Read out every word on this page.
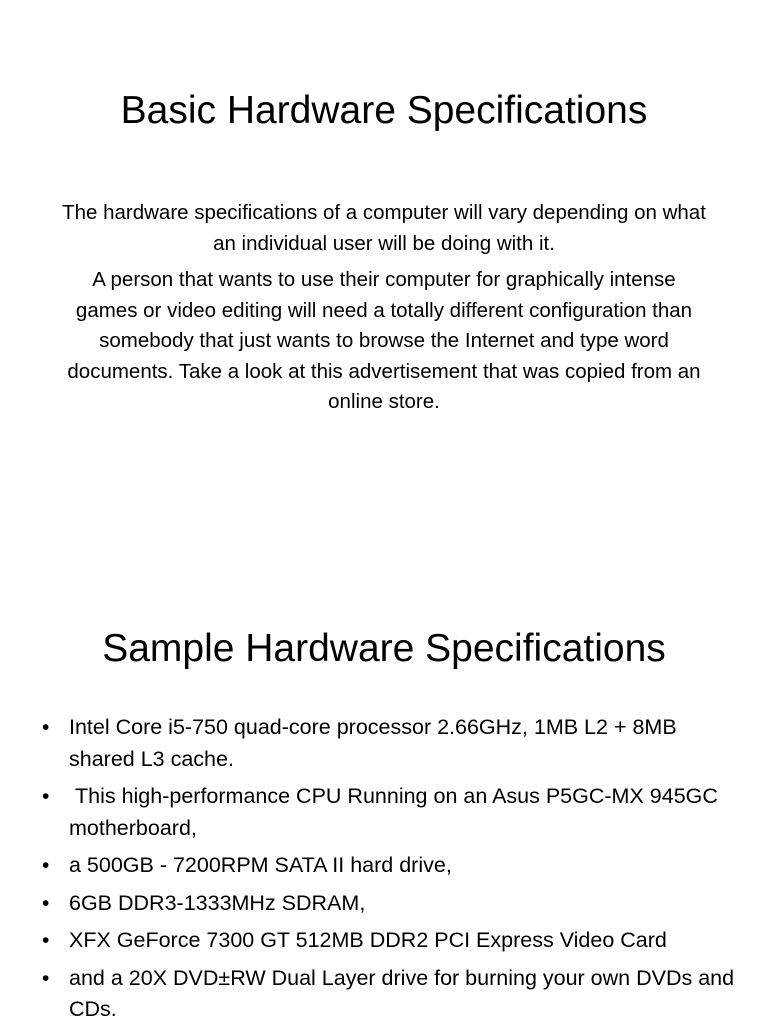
Basic Hardware Specifications

The hardware specifications of a computer will vary depending on what an individual user will be doing with it.

A person that wants to use their computer for graphically intense games or video editing will need a totally different configuration than somebody that just wants to browse the Internet and type word documents. Take a look at this advertisement that was copied from an online store.

Sample Hardware Specifications
• Intel Core i5-750 quad-core processor 2.66GHz, 1MB L2 + 8MB shared L3 cache.
• This high-performance CPU Running on an Asus P5GC-MX 945GC motherboard,
• a 500GB - 7200RPM SATA II hard drive,
• 6GB DDR3-1333MHz SDRAM,
• XFX GeForce 7300 GT 512MB DDR2 PCI Express Video Card
• and a 20X DVD±RW Dual Layer drive for burning your own DVDs and CDs.
